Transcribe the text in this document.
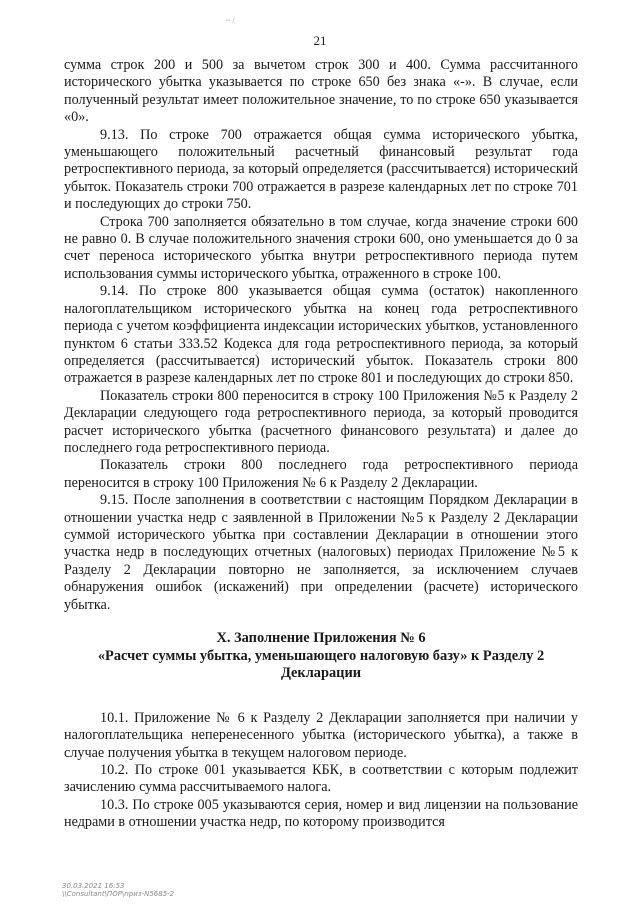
~ /
21

сумма строк 200 и 500 за вычетом строк 300 и 400. Сумма рассчитанного исторического убытка указывается по строке 650 без знака «-». В случае, если полученный результат имеет положительное значение, то по строке 650 указывается «0».

9.13. По строке 700 отражается общая сумма исторического убытка, уменьшающего положительный расчетный финансовый результат года ретроспективного периода, за который определяется (рассчитывается) исторический убыток. Показатель строки 700 отражается в разрезе календарных лет по строке 701 и последующих до строки 750.

Строка 700 заполняется обязательно в том случае, когда значение строки 600 не равно 0. В случае положительного значения строки 600, оно уменьшается до 0 за счет переноса исторического убытка внутри ретроспективного периода путем использования суммы исторического убытка, отраженного в строке 100.

9.14. По строке 800 указывается общая сумма (остаток) накопленного налогоплательщиком исторического убытка на конец года ретроспективного периода с учетом коэффициента индексации исторических убытков, установленного пунктом 6 статьи 333.52 Кодекса для года ретроспективного периода, за который определяется (рассчитывается) исторический убыток. Показатель строки 800 отражается в разрезе календарных лет по строке 801 и последующих до строки 850.

Показатель строки 800 переносится в строку 100 Приложения №5 к Разделу 2 Декларации следующего года ретроспективного периода, за который проводится расчет исторического убытка (расчетного финансового результата) и далее до последнего года ретроспективного периода.

Показатель строки 800 последнего года ретроспективного периода переносится в строку 100 Приложения № 6 к Разделу 2 Декларации.

9.15. После заполнения в соответствии с настоящим Порядком Декларации в отношении участка недр с заявленной в Приложении №5 к Разделу 2 Декларации суммой исторического убытка при составлении Декларации в отношении этого участка недр в последующих отчетных (налоговых) периодах Приложение №5 к Разделу 2 Декларации повторно не заполняется, за исключением случаев обнаружения ошибок (искажений) при определении (расчете) исторического убытка.

X. Заполнение Приложения № 6
«Расчет суммы убытка, уменьшающего налоговую базу» к Разделу 2
Декларации

10.1. Приложение № 6 к Разделу 2 Декларации заполняется при наличии у налогоплательщика неперенесенного убытка (исторического убытка), а также в случае получения убытка в текущем налоговом периоде.

10.2. По строке 001 указывается КБК, в соответствии с которым подлежит зачислению сумма рассчитываемого налога.

10.3. По строке 005 указываются серия, номер и вид лицензии на пользование недрами в отношении участка недр, по которому производится

30.03.2021 16:53
\\Consultant\ПОР\приз-N5685-2
